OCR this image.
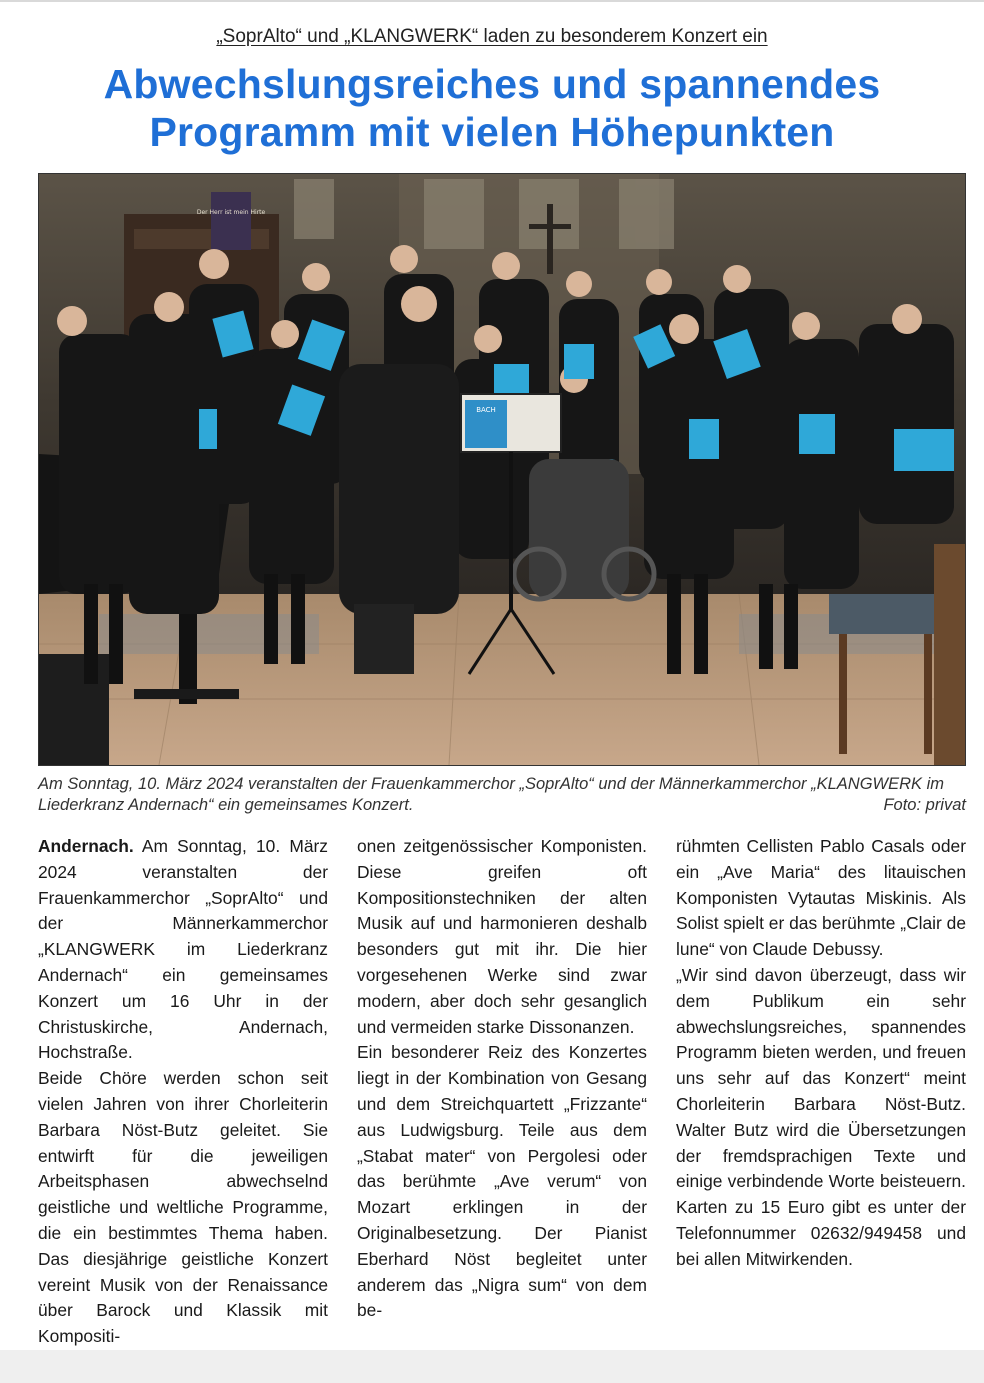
„SoprAlto“ und „KLANGWERK“ laden zu besonderem Konzert ein
Abwechslungsreiches und spannendes Programm mit vielen Höhepunkten
Der Herr ist mein Hirte
BACH
Am Sonntag, 10. März 2024 veranstalten der Frauenkammerchor „SoprAlto“ und der Männerkammerchor „KLANGWERK im Liederkranz Andernach“ ein gemeinsames Konzert.	Foto: privat

Andernach. Am Sonntag, 10. März 2024 veranstalten der Frauenkammerchor „SoprAlto“ und der Männerkammerchor „KLANGWERK im Liederkranz Andernach“ ein gemeinsames Konzert um 16 Uhr in der Christuskirche, Andernach, Hochstraße.

Beide Chöre werden schon seit vielen Jahren von ihrer Chorleiterin Barbara Nöst-Butz geleitet. Sie entwirft für die jeweiligen Arbeitsphasen abwechselnd geistliche und weltliche Programme, die ein bestimmtes Thema haben. Das diesjährige geistliche Konzert vereint Musik von der Renaissance über Barock und Klassik mit Kompositi-

onen zeitgenössischer Komponisten. Diese greifen oft Kompositionstechniken der alten Musik auf und harmonieren deshalb besonders gut mit ihr. Die hier vorgesehenen Werke sind zwar modern, aber doch sehr gesanglich und vermeiden starke Dissonanzen.

Ein besonderer Reiz des Konzertes liegt in der Kombination von Gesang und dem Streichquartett „Frizzante“ aus Ludwigsburg. Teile aus dem „Stabat mater“ von Pergolesi oder das berühmte „Ave verum“ von Mozart erklingen in der Originalbesetzung. Der Pianist Eberhard Nöst begleitet unter anderem das „Nigra sum“ von dem be-

rühmten Cellisten Pablo Casals oder ein „Ave Maria“ des litauischen Komponisten Vytautas Miskinis. Als Solist spielt er das berühmte „Clair de lune“ von Claude Debussy.

„Wir sind davon überzeugt, dass wir dem Publikum ein sehr abwechslungsreiches, spannendes Programm bieten werden, und freuen uns sehr auf das Konzert“ meint Chorleiterin Barbara Nöst-Butz. Walter Butz wird die Übersetzungen der fremdsprachigen Texte und einige verbindende Worte beisteuern. Karten zu 15 Euro gibt es unter der Telefonnummer 02632/949458 und bei allen Mitwirkenden.
